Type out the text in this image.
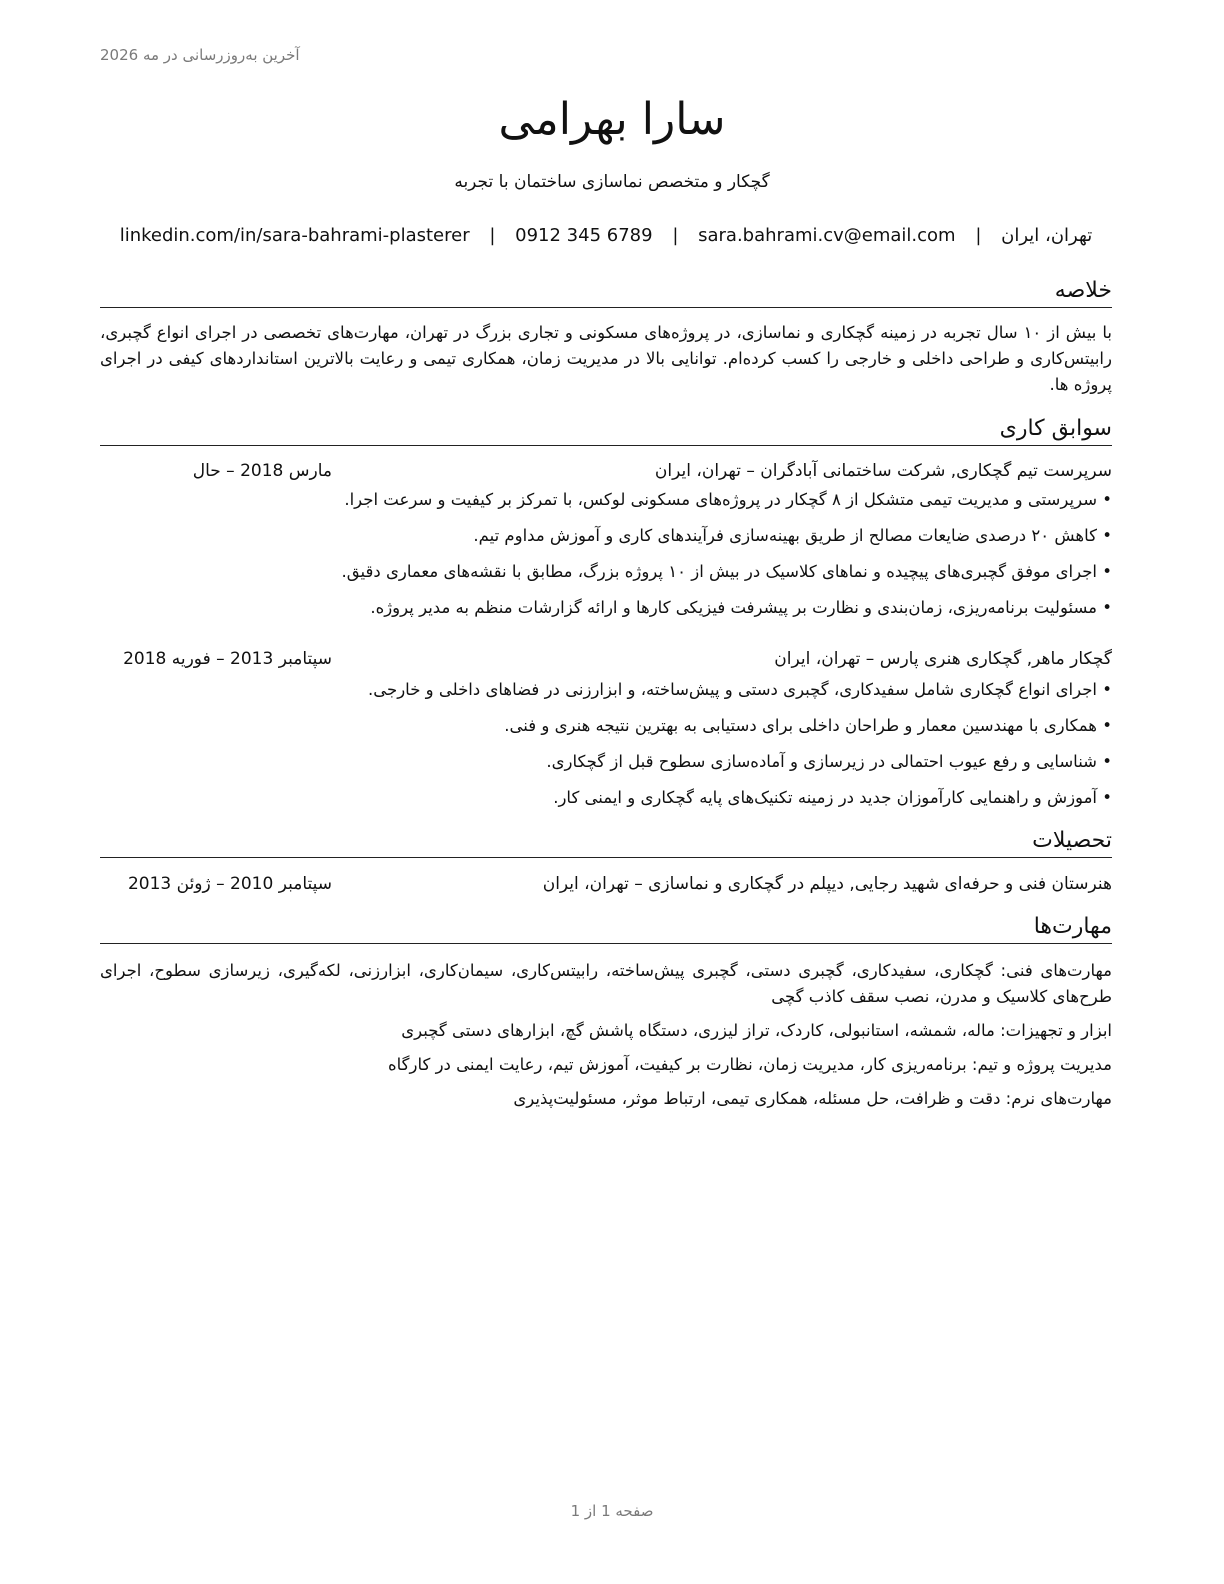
آخرین به‌روزرسانی در مه 2026
سارا بهرامی
گچکار و متخصص نماسازی ساختمان با تجربه
تهران، ایران | sara.bahrami.cv@email.com | 0912 345 6789 | linkedin.com/in/sara-bahrami-plasterer
خلاصه
با بیش از ۱۰ سال تجربه در زمینه گچکاری و نماسازی، در پروژه‌های مسکونی و تجاری بزرگ در تهران، مهارت‌های تخصصی در اجرای انواع گچبری، رابیتس‌کاری و طراحی داخلی و خارجی را کسب کرده‌ام. توانایی بالا در مدیریت زمان، همکاری تیمی و رعایت بالاترین استانداردهای کیفی در اجرای پروژه ها.
سوابق کاری
سرپرست تیم گچکاری, شرکت ساختمانی آبادگران – تهران، ایران
مارس 2018 – حال
• سرپرستی و مدیریت تیمی متشکل از ۸ گچکار در پروژه‌های مسکونی لوکس، با تمرکز بر کیفیت و سرعت اجرا.
• کاهش ۲۰ درصدی ضایعات مصالح از طریق بهینه‌سازی فرآیندهای کاری و آموزش مداوم تیم.
• اجرای موفق گچبری‌های پیچیده و نماهای کلاسیک در بیش از ۱۰ پروژه بزرگ، مطابق با نقشه‌های معماری دقیق.
• مسئولیت برنامه‌ریزی، زمان‌بندی و نظارت بر پیشرفت فیزیکی کارها و ارائه گزارشات منظم به مدیر پروژه.
گچکار ماهر, گچکاری هنری پارس – تهران، ایران
سپتامبر 2013 – فوریه 2018
• اجرای انواع گچکاری شامل سفیدکاری، گچبری دستی و پیش‌ساخته، و ابزارزنی در فضاهای داخلی و خارجی.
• همکاری با مهندسین معمار و طراحان داخلی برای دستیابی به بهترین نتیجه هنری و فنی.
• شناسایی و رفع عیوب احتمالی در زیرسازی و آماده‌سازی سطوح قبل از گچکاری.
• آموزش و راهنمایی کارآموزان جدید در زمینه تکنیک‌های پایه گچکاری و ایمنی کار.
تحصیلات
هنرستان فنی و حرفه‌ای شهید رجایی, دیپلم در گچکاری و نماسازی – تهران، ایران
سپتامبر 2010 – ژوئن 2013
مهارت‌ها
مهارت‌های فنی: گچکاری، سفیدکاری، گچبری دستی، گچبری پیش‌ساخته، رابیتس‌کاری، سیمان‌کاری، ابزارزنی، لکه‌گیری، زیرسازی سطوح، اجرای طرح‌های کلاسیک و مدرن، نصب سقف کاذب گچی
ابزار و تجهیزات: ماله، شمشه، استانبولی، کاردک، تراز لیزری، دستگاه پاشش گچ، ابزارهای دستی گچبری
مدیریت پروژه و تیم: برنامه‌ریزی کار، مدیریت زمان، نظارت بر کیفیت، آموزش تیم، رعایت ایمنی در کارگاه
مهارت‌های نرم: دقت و ظرافت، حل مسئله، همکاری تیمی، ارتباط موثر، مسئولیت‌پذیری
صفحه 1 از 1
